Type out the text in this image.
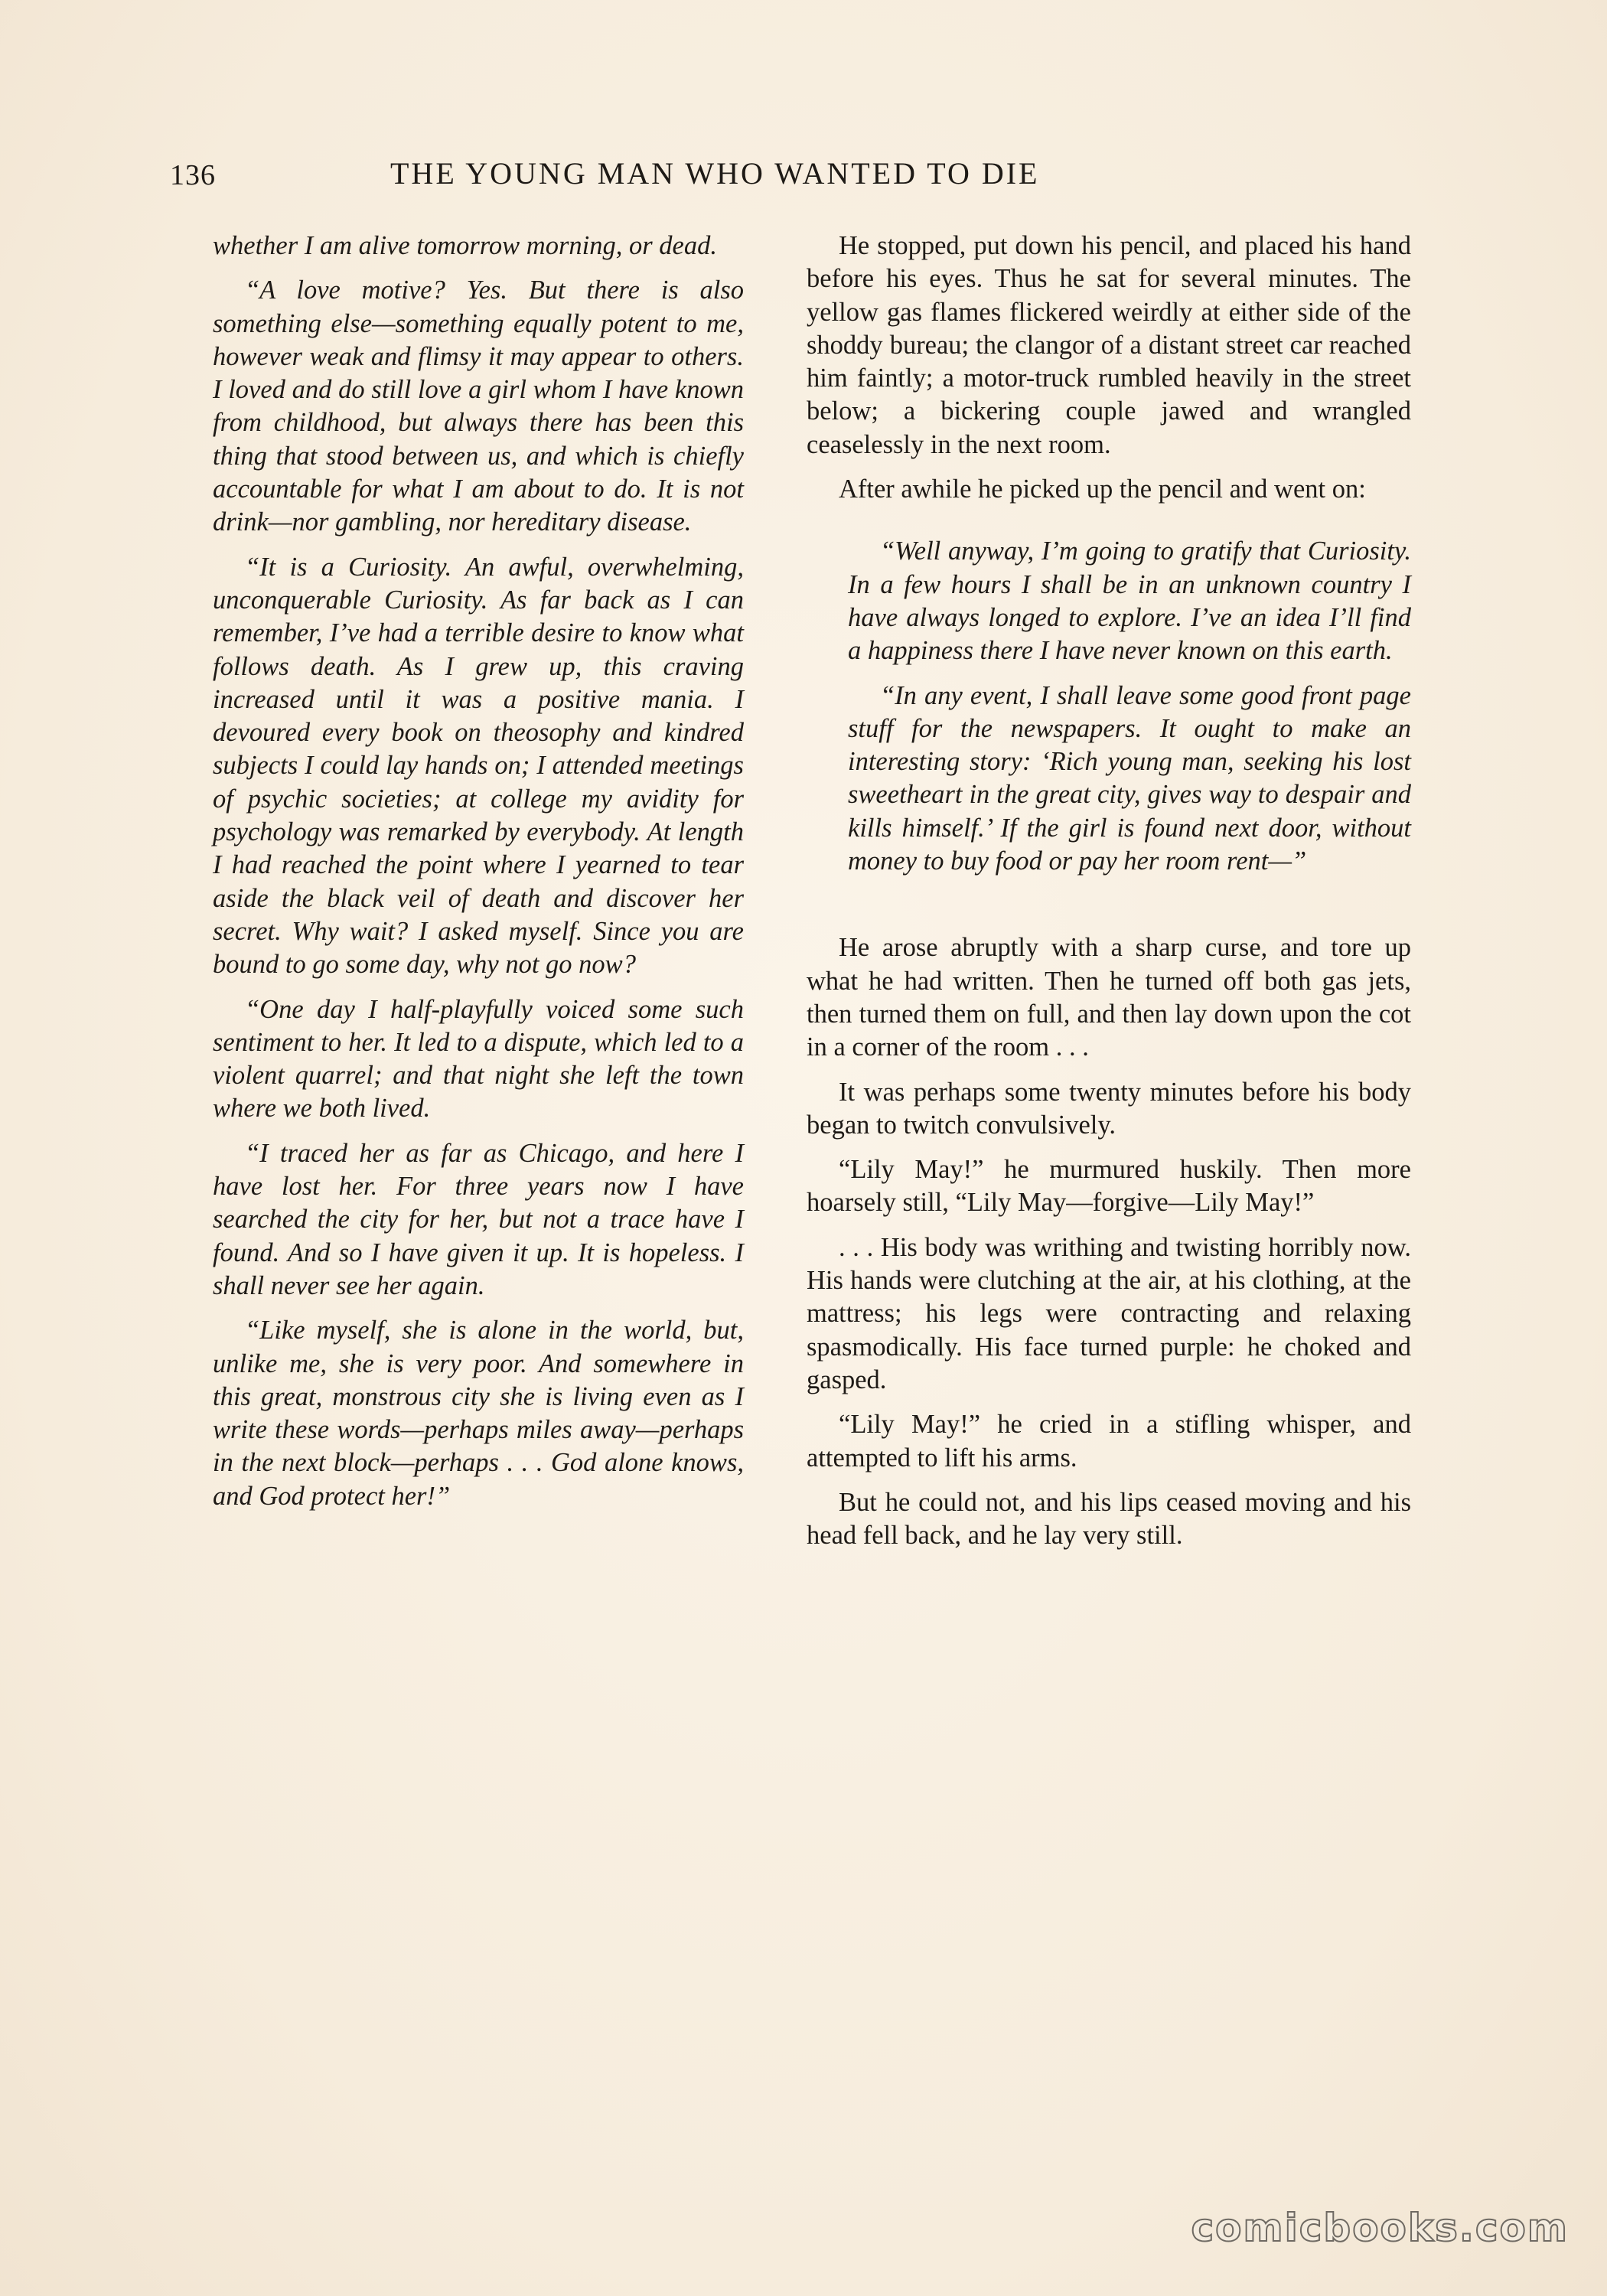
136	THE YOUNG MAN WHO WANTED TO DIE

whether I am alive tomorrow morning, or dead.

“A love motive? Yes. But there is also something else—something equally potent to me, however weak and flimsy it may appear to others. I loved and do still love a girl whom I have known from childhood, but always there has been this thing that stood between us, and which is chiefly accountable for what I am about to do. It is not drink—nor gambling, nor hereditary disease.

“It is a Curiosity. An awful, overwhelming, unconquerable Curiosity. As far back as I can remember, I’ve had a terrible desire to know what follows death. As I grew up, this craving increased until it was a positive mania. I devoured every book on theosophy and kindred subjects I could lay hands on; I attended meetings of psychic societies; at college my avidity for psychology was remarked by everybody. At length I had reached the point where I yearned to tear aside the black veil of death and discover her secret. Why wait? I asked myself. Since you are bound to go some day, why not go now?

“One day I half-playfully voiced some such sentiment to her. It led to a dispute, which led to a violent quarrel; and that night she left the town where we both lived.

“I traced her as far as Chicago, and here I have lost her. For three years now I have searched the city for her, but not a trace have I found. And so I have given it up. It is hopeless. I shall never see her again.

“Like myself, she is alone in the world, but, unlike me, she is very poor. And somewhere in this great, monstrous city she is living even as I write these words—perhaps miles away—perhaps in the next block—perhaps . . . God alone knows, and God protect her!”

He stopped, put down his pencil, and placed his hand before his eyes. Thus he sat for several minutes. The yellow gas flames flickered weirdly at either side of the shoddy bureau; the clangor of a distant street car reached him faintly; a motor-truck rumbled heavily in the street below; a bickering couple jawed and wrangled ceaselessly in the next room.

After awhile he picked up the pencil and went on:

“Well anyway, I’m going to gratify that Curiosity. In a few hours I shall be in an unknown country I have always longed to explore. I’ve an idea I’ll find a happiness there I have never known on this earth.

“In any event, I shall leave some good front page stuff for the newspapers. It ought to make an interesting story: ‘Rich young man, seeking his lost sweetheart in the great city, gives way to despair and kills himself.’ If the girl is found next door, without money to buy food or pay her room rent—”

He arose abruptly with a sharp curse, and tore up what he had written. Then he turned off both gas jets, then turned them on full, and then lay down upon the cot in a corner of the room . . .

It was perhaps some twenty minutes before his body began to twitch convulsively.

“Lily May!” he murmured huskily. Then more hoarsely still, “Lily May—forgive—Lily May!”

. . . His body was writhing and twisting horribly now. His hands were clutching at the air, at his clothing, at the mattress; his legs were contracting and relaxing spasmodically. His face turned purple: he choked and gasped.

“Lily May!” he cried in a stifling whisper, and attempted to lift his arms.

But he could not, and his lips ceased moving and his head fell back, and he lay very still.

comicbooks.com
